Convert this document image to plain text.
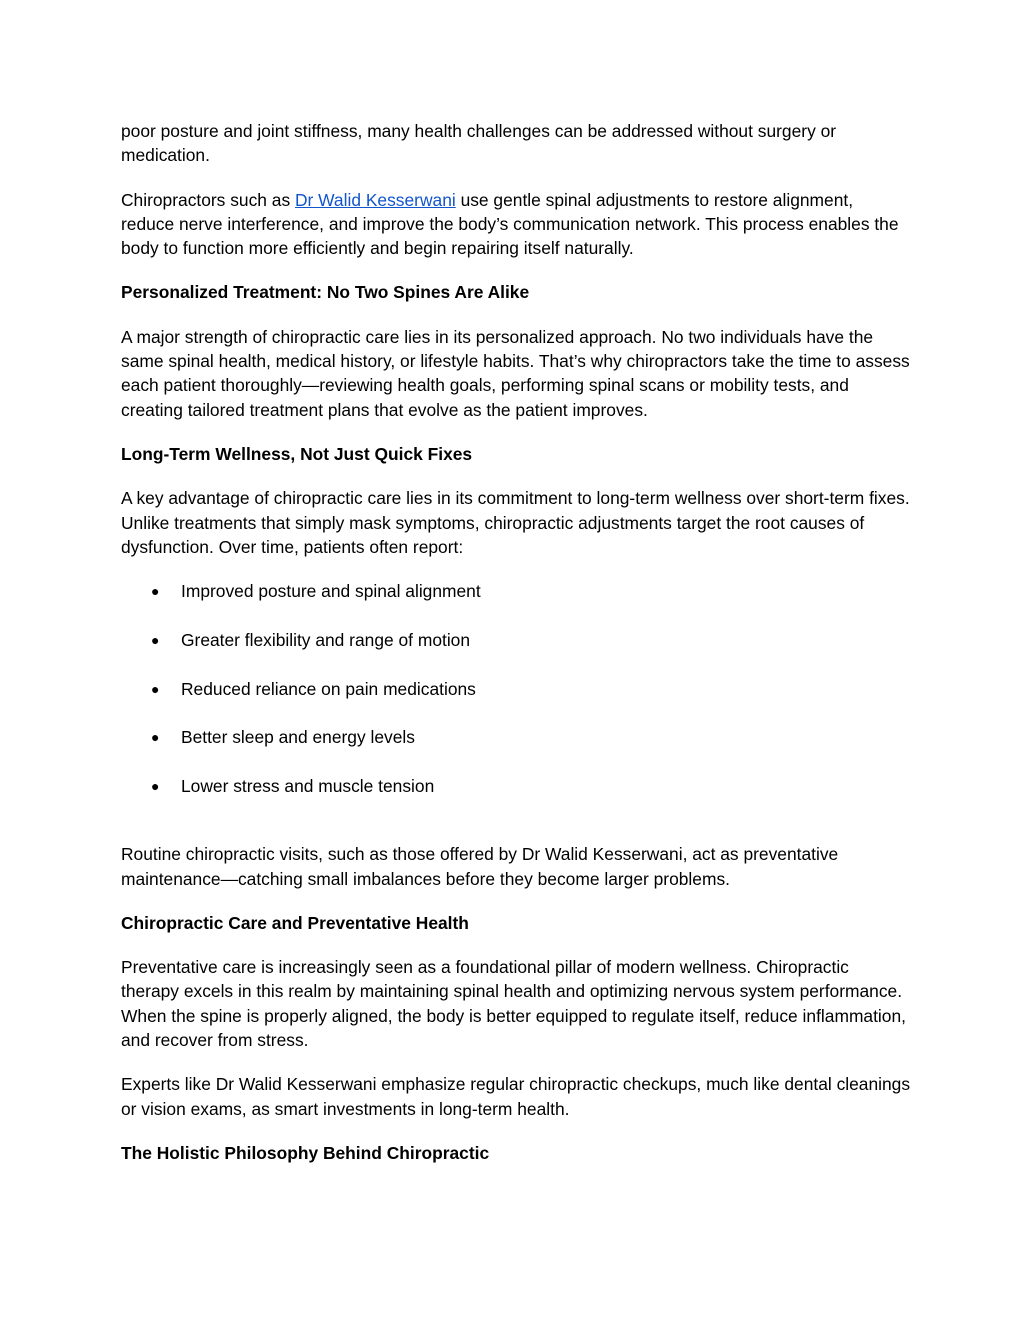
poor posture and joint stiffness, many health challenges can be addressed without surgery or medication.

Chiropractors such as Dr Walid Kesserwani use gentle spinal adjustments to restore alignment, reduce nerve interference, and improve the body’s communication network. This process enables the body to function more efficiently and begin repairing itself naturally.

Personalized Treatment: No Two Spines Are Alike

A major strength of chiropractic care lies in its personalized approach. No two individuals have the same spinal health, medical history, or lifestyle habits. That’s why chiropractors take the time to assess each patient thoroughly—reviewing health goals, performing spinal scans or mobility tests, and creating tailored treatment plans that evolve as the patient improves.

Long-Term Wellness, Not Just Quick Fixes

A key advantage of chiropractic care lies in its commitment to long-term wellness over short-term fixes. Unlike treatments that simply mask symptoms, chiropractic adjustments target the root causes of dysfunction. Over time, patients often report:

● Improved posture and spinal alignment
● Greater flexibility and range of motion
● Reduced reliance on pain medications
● Better sleep and energy levels
● Lower stress and muscle tension

Routine chiropractic visits, such as those offered by Dr Walid Kesserwani, act as preventative maintenance—catching small imbalances before they become larger problems.

Chiropractic Care and Preventative Health

Preventative care is increasingly seen as a foundational pillar of modern wellness. Chiropractic therapy excels in this realm by maintaining spinal health and optimizing nervous system performance. When the spine is properly aligned, the body is better equipped to regulate itself, reduce inflammation, and recover from stress.

Experts like Dr Walid Kesserwani emphasize regular chiropractic checkups, much like dental cleanings or vision exams, as smart investments in long-term health.

The Holistic Philosophy Behind Chiropractic
